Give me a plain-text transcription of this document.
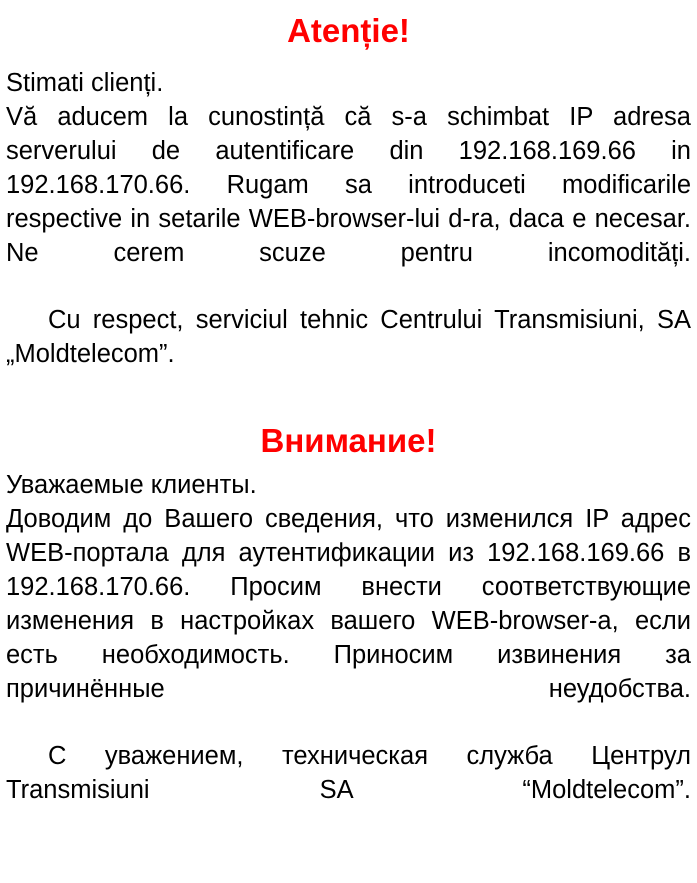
Atenție!

Stimati clienți.

Vă aducem la cunostință că s-a schimbat IP adresa serverului de autentificare din 192.168.169.66 in 192.168.170.66. Rugam sa introduceti modificarile respective in setarile WEB-browser-lui d-ra, daca e necesar. Ne cerem scuze pentru incomodități.

Cu respect, serviciul tehnic Centrului Transmisiuni, SA „Moldtelecom”.

Внимание!

Уважаемые клиенты.

Доводим до Вашего сведения, что изменился IP адрес WEB-портала для аутентификации из 192.168.169.66 в 192.168.170.66. Просим внести соответствующие изменения в настройках вашего WEB-browser-a, если есть необходимость. Приносим извинения за причинённые неудобства.

С уважением, техническая служба Центрул Transmisiuni SA “Moldtelecom”.
